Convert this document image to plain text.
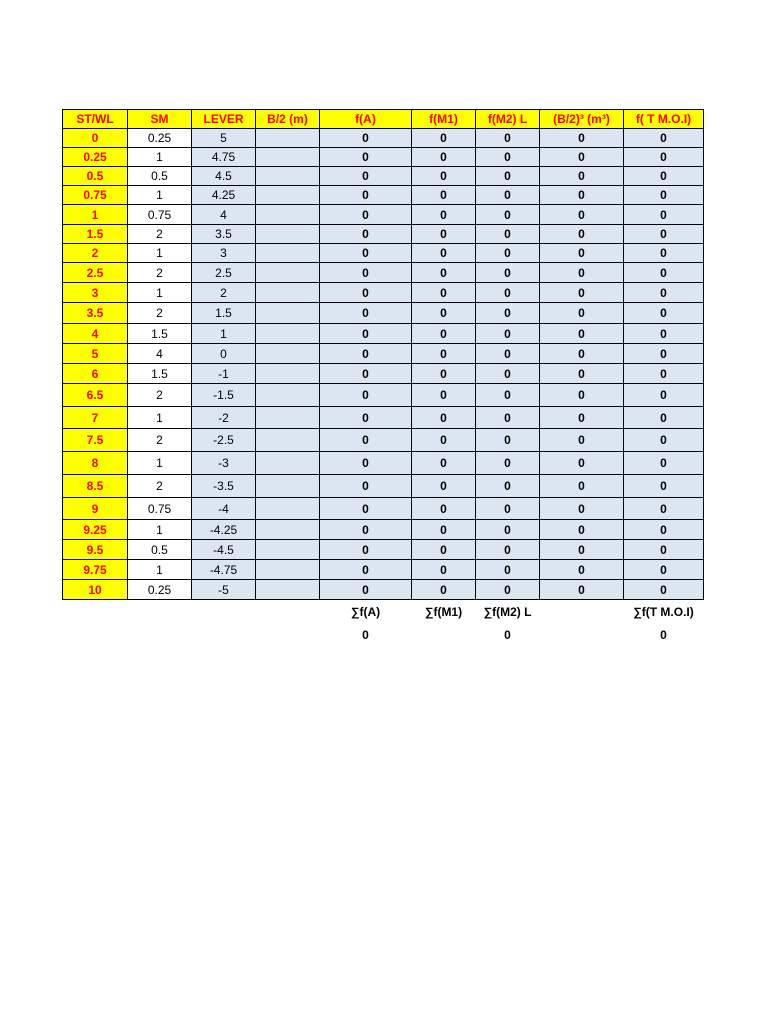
ST/WL	SM	LEVER	B/2 (m)	f(A)	f(M1)	f(M2) L	(B/2)³ (m³)	f( T M.O.I)
0	0.25	5		0	0	0	0	0
0.25	1	4.75		0	0	0	0	0
0.5	0.5	4.5		0	0	0	0	0
0.75	1	4.25		0	0	0	0	0
1	0.75	4		0	0	0	0	0
1.5	2	3.5		0	0	0	0	0
2	1	3		0	0	0	0	0
2.5	2	2.5		0	0	0	0	0
3	1	2		0	0	0	0	0
3.5	2	1.5		0	0	0	0	0
4	1.5	1		0	0	0	0	0
5	4	0		0	0	0	0	0
6	1.5	-1		0	0	0	0	0
6.5	2	-1.5		0	0	0	0	0
7	1	-2		0	0	0	0	0
7.5	2	-2.5		0	0	0	0	0
8	1	-3		0	0	0	0	0
8.5	2	-3.5		0	0	0	0	0
9	0.75	-4		0	0	0	0	0
9.25	1	-4.25		0	0	0	0	0
9.5	0.5	-4.5		0	0	0	0	0
9.75	1	-4.75		0	0	0	0	0
10	0.25	-5		0	0	0	0	0
				∑f(A)	∑f(M1)	∑f(M2) L		∑f(T M.O.I)
				0		0		0
